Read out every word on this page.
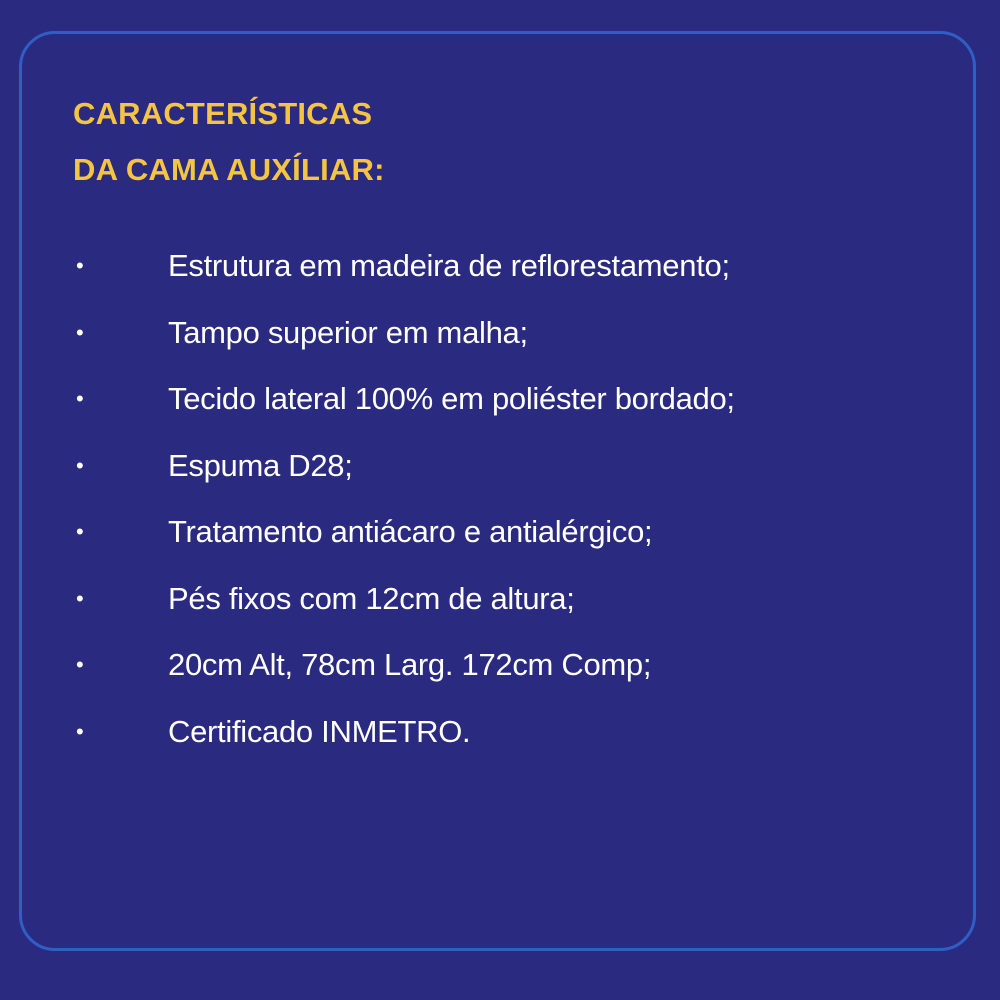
CARACTERÍSTICAS
DA CAMA AUXÍLIAR:
•	Estrutura em madeira de reflorestamento;
•	Tampo superior em malha;
•	Tecido lateral 100% em poliéster bordado;
•	Espuma D28;
•	Tratamento antiácaro e antialérgico;
•	Pés fixos com 12cm de altura;
•	20cm Alt, 78cm Larg. 172cm Comp;
•	Certificado INMETRO.
